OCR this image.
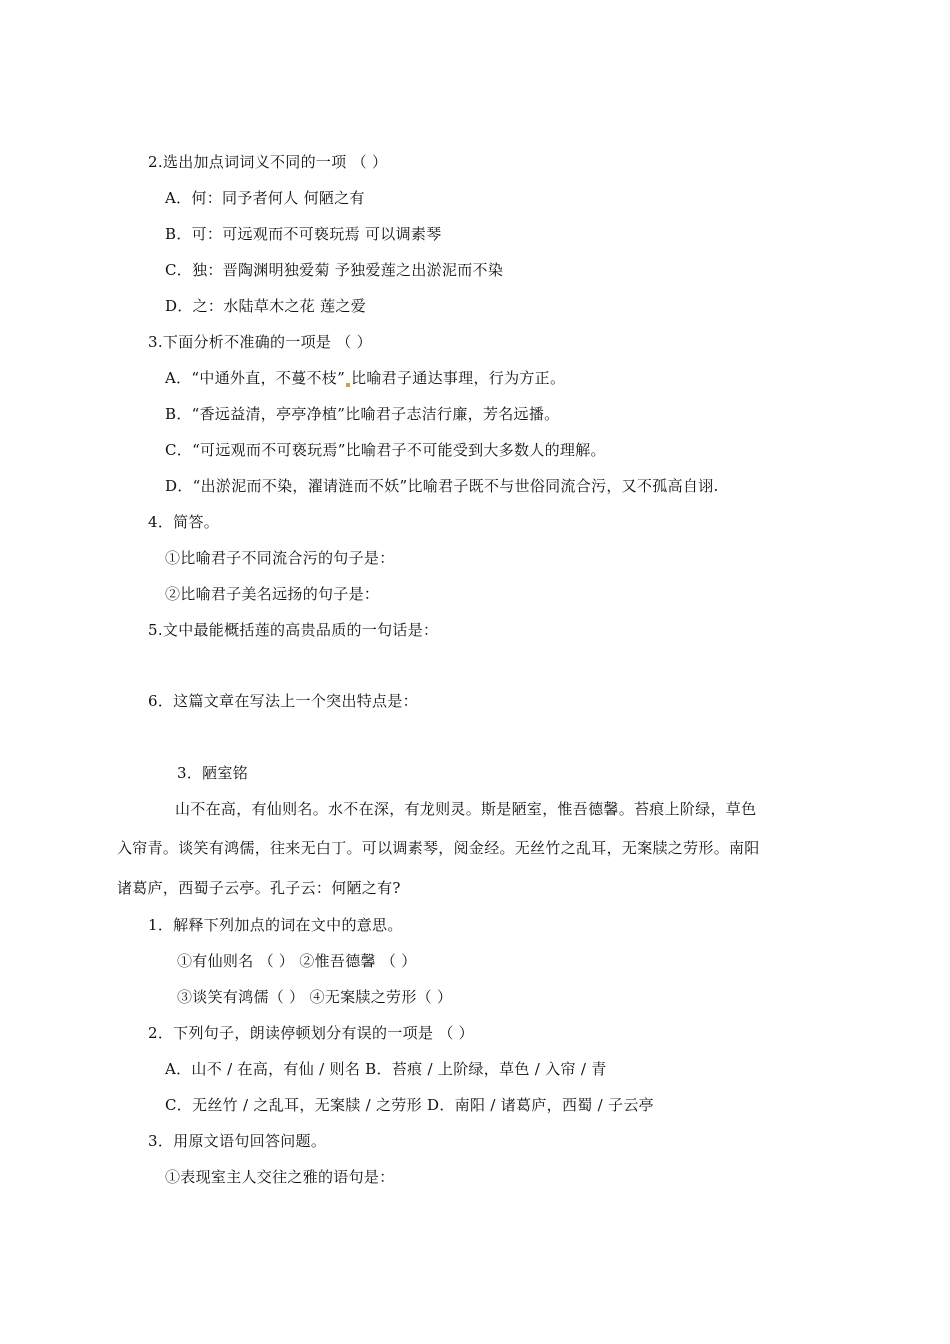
2.选出加点词词义不同的一项 （ ）
A．何：同予者何人 何陋之有
B．可：可远观而不可亵玩焉 可以调素琴
C．独：晋陶渊明独爱菊 予独爱莲之出淤泥而不染
D．之：水陆草木之花 莲之爱
3.下面分析不准确的一项是 （ ）
A．“中通外直，不蔓不枝” 比喻君子通达事理，行为方正。
B．“香远益清，亭亭净植”比喻君子志洁行廉，芳名远播。
C．“可远观而不可亵玩焉”比喻君子不可能受到大多数人的理解。
D．“出淤泥而不染，濯请涟而不妖”比喻君子既不与世俗同流合污，又不孤高自诩.
4．简答。
①比喻君子不同流合污的句子是：
②比喻君子美名远扬的句子是：
5.文中最能概括莲的高贵品质的一句话是：
6．这篇文章在写法上一个突出特点是：
3．陋室铭
山不在高，有仙则名。水不在深，有龙则灵。斯是陋室，惟吾德馨。苔痕上阶绿，草色
入帘青。谈笑有鸿儒，往来无白丁。可以调素琴，阅金经。无丝竹之乱耳，无案牍之劳形。南阳
诸葛庐，西蜀子云亭。孔子云：何陋之有?
1．解释下列加点的词在文中的意思。
①有仙则名 （ ） ②惟吾德馨 （ ）
③谈笑有鸿儒（ ） ④无案牍之劳形（ ）
2．下列句子，朗读停顿划分有误的一项是 （ ）
A．山不 / 在高，有仙 / 则名 B．苔痕 / 上阶绿，草色 / 入帘 / 青
C．无丝竹 / 之乱耳，无案牍 / 之劳形 D．南阳 / 诸葛庐，西蜀 / 子云亭
3．用原文语句回答问题。
①表现室主人交往之雅的语句是：
